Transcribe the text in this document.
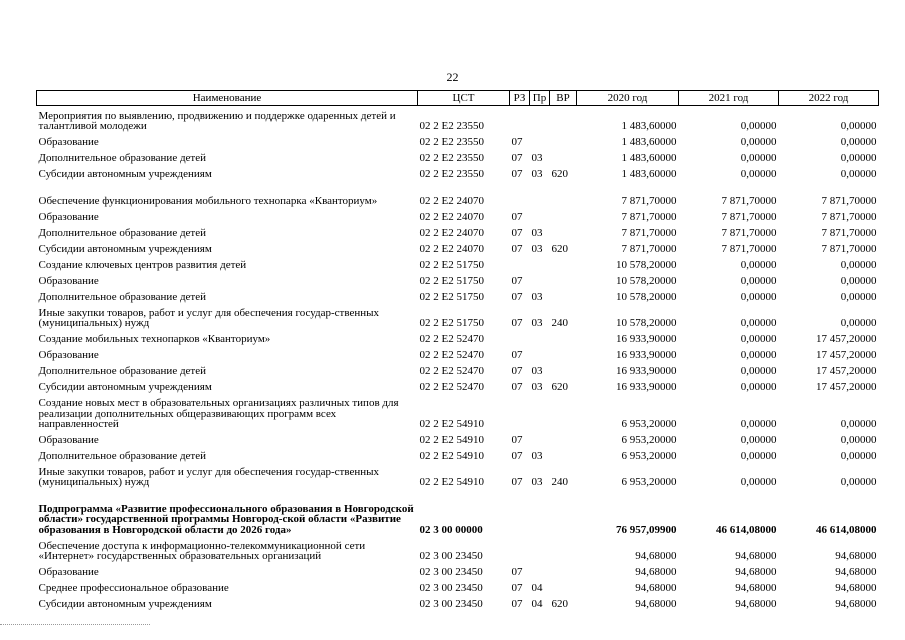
22
Наименование	ЦСТ	РЗ	Пр	ВР	2020 год	2021 год	2022 год
Мероприятия по выявлению, продвижению и поддержке одаренных детей и талантливой молодежи	02 2 E2 23550				1 483,60000	0,00000	0,00000
Образование	02 2 E2 23550	07			1 483,60000	0,00000	0,00000
Дополнительное образование детей	02 2 E2 23550	07	03		1 483,60000	0,00000	0,00000
Субсидии автономным учреждениям	02 2 E2 23550	07	03	620	1 483,60000	0,00000	0,00000
Обеспечение функционирования мобильного технопарка «Кванториум»	02 2 E2 24070				7 871,70000	7 871,70000	7 871,70000
Образование	02 2 E2 24070	07			7 871,70000	7 871,70000	7 871,70000
Дополнительное образование детей	02 2 E2 24070	07	03		7 871,70000	7 871,70000	7 871,70000
Субсидии автономным учреждениям	02 2 E2 24070	07	03	620	7 871,70000	7 871,70000	7 871,70000
Создание ключевых центров развития детей	02 2 E2 51750				10 578,20000	0,00000	0,00000
Образование	02 2 E2 51750	07			10 578,20000	0,00000	0,00000
Дополнительное образование детей	02 2 E2 51750	07	03		10 578,20000	0,00000	0,00000
Иные закупки товаров, работ и услуг для обеспечения государ-ственных (муниципальных) нужд	02 2 E2 51750	07	03	240	10 578,20000	0,00000	0,00000
Создание мобильных технопарков «Кванториум»	02 2 E2 52470				16 933,90000	0,00000	17 457,20000
Образование	02 2 E2 52470	07			16 933,90000	0,00000	17 457,20000
Дополнительное образование детей	02 2 E2 52470	07	03		16 933,90000	0,00000	17 457,20000
Субсидии автономным учреждениям	02 2 E2 52470	07	03	620	16 933,90000	0,00000	17 457,20000
Создание новых мест в образовательных организациях различных типов для реализации дополнительных общеразвивающих программ всех направленностей	02 2 E2 54910				6 953,20000	0,00000	0,00000
Образование	02 2 E2 54910	07			6 953,20000	0,00000	0,00000
Дополнительное образование детей	02 2 E2 54910	07	03		6 953,20000	0,00000	0,00000
Иные закупки товаров, работ и услуг для обеспечения государ-ственных (муниципальных) нужд	02 2 E2 54910	07	03	240	6 953,20000	0,00000	0,00000
Подпрограмма «Развитие профессионального образования в Новгородской области» государственной программы Новгород-ской области «Развитие образования в Новгородской области до 2026 года»	02 3 00 00000				76 957,09900	46 614,08000	46 614,08000
Обеспечение доступа к информационно-телекоммуникационной сети «Интернет» государственных образовательных организаций	02 3 00 23450				94,68000	94,68000	94,68000
Образование	02 3 00 23450	07			94,68000	94,68000	94,68000
Среднее профессиональное образование	02 3 00 23450	07	04		94,68000	94,68000	94,68000
Субсидии автономным учреждениям	02 3 00 23450	07	04	620	94,68000	94,68000	94,68000
